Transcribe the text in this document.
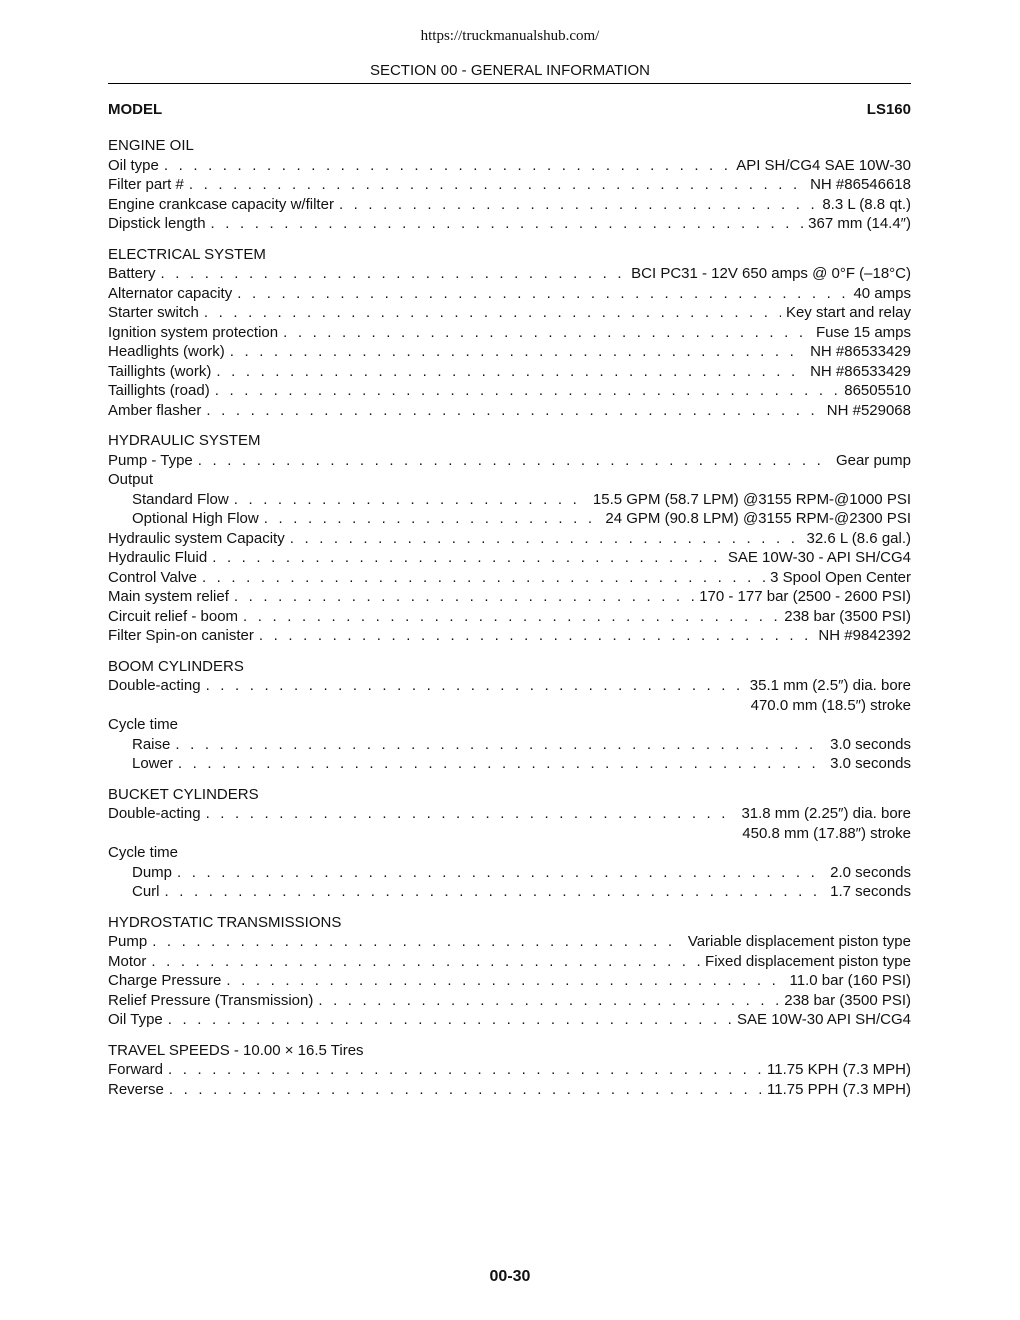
https://truckmanualshub.com/
SECTION 00 - GENERAL INFORMATION
MODEL	LS160
ENGINE OIL
Oil type . . .	API SH/CG4 SAE 10W-30
Filter part # . . .	NH #86546618
Engine crankcase capacity w/filter . . .	8.3 L (8.8 qt.)
Dipstick length . . .	367 mm (14.4″)
ELECTRICAL SYSTEM
Battery . . .	BCI PC31 - 12V 650 amps @ 0°F (–18°C)
Alternator capacity . . .	40 amps
Starter switch . . .	Key start and relay
Ignition system protection . . .	Fuse 15 amps
Headlights (work) . . .	NH #86533429
Taillights (work) . . .	NH #86533429
Taillights (road) . . .	86505510
Amber flasher . . .	NH #529068
HYDRAULIC SYSTEM
Pump - Type . . .	Gear pump
Output
Standard Flow . . .	15.5 GPM (58.7 LPM) @3155 RPM-@1000 PSI
Optional High Flow . . .	24 GPM (90.8 LPM) @3155 RPM-@2300 PSI
Hydraulic system Capacity . . .	32.6 L (8.6 gal.)
Hydraulic Fluid . . .	SAE 10W-30 - API SH/CG4
Control Valve . . .	3 Spool Open Center
Main system relief . . .	170 - 177 bar (2500 - 2600 PSI)
Circuit relief - boom . . .	238 bar (3500 PSI)
Filter Spin-on canister . . .	NH #9842392
BOOM CYLINDERS
Double-acting . . .	35.1 mm (2.5″) dia. bore
470.0 mm (18.5″) stroke
Cycle time
Raise . . .	3.0 seconds
Lower . . .	3.0 seconds
BUCKET CYLINDERS
Double-acting . . .	31.8 mm (2.25″) dia. bore
450.8 mm (17.88″) stroke
Cycle time
Dump . . .	2.0 seconds
Curl . . .	1.7 seconds
HYDROSTATIC TRANSMISSIONS
Pump . . .	Variable displacement piston type
Motor . . .	Fixed displacement piston type
Charge Pressure . . .	11.0 bar (160 PSI)
Relief Pressure (Transmission) . . .	238 bar (3500 PSI)
Oil Type . . .	SAE 10W-30 API SH/CG4
TRAVEL SPEEDS - 10.00 × 16.5 Tires
Forward . . .	11.75 KPH (7.3 MPH)
Reverse . . .	11.75 PPH (7.3 MPH)
00-30
